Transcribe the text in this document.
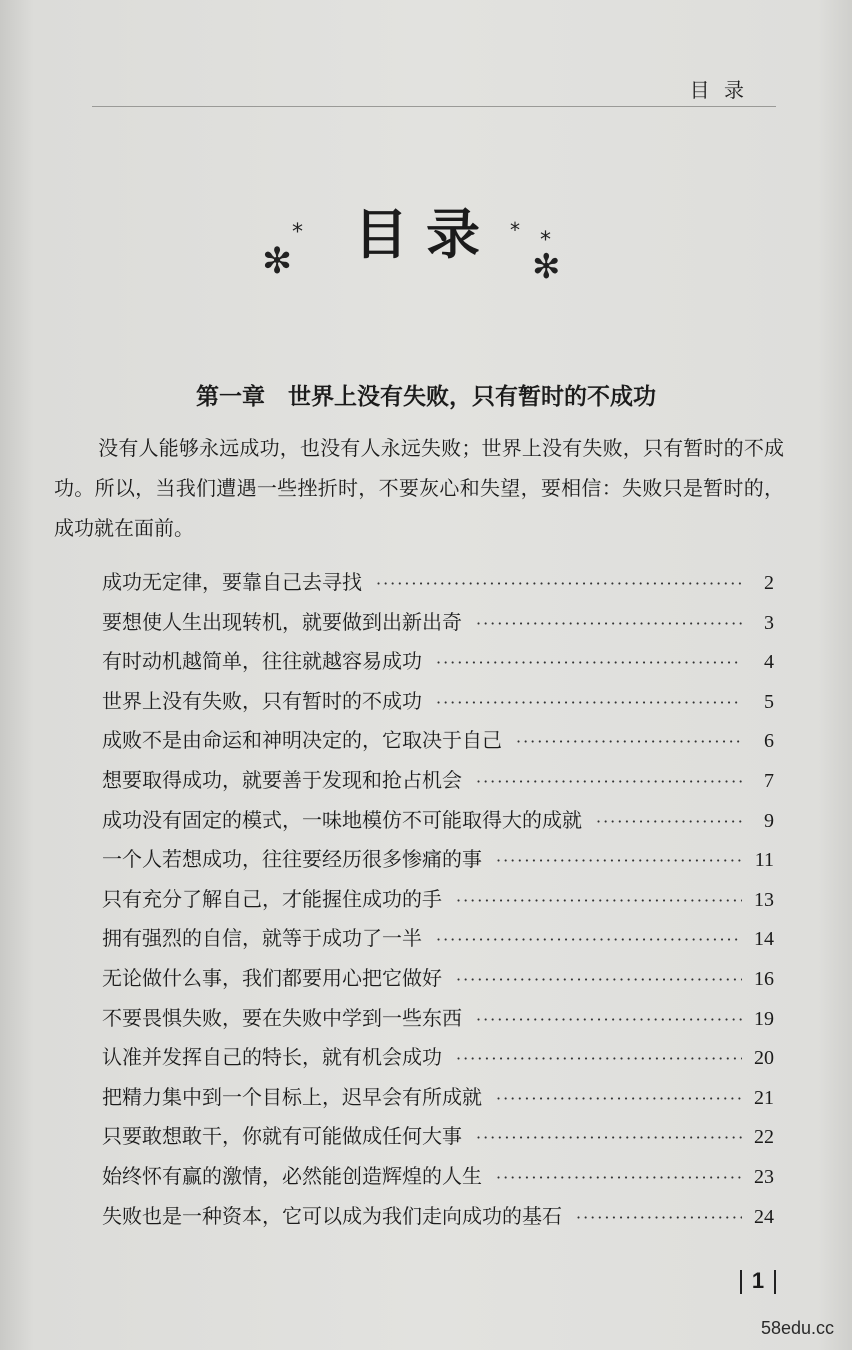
目 录
*
✻	目录 * *
✻
第一章　世界上没有失败，只有暂时的不成功
没有人能够永远成功，也没有人永远失败；世界上没有失败，只有暂时的不成功。所以，当我们遭遇一些挫折时，不要灰心和失望，要相信：失败只是暂时的，成功就在面前。
成功无定律，要靠自己去寻找 ·····	2
要想使人生出现转机，就要做到出新出奇 ·····	3
有时动机越简单，往往就越容易成功 ·····	4
世界上没有失败，只有暂时的不成功 ·····	5
成败不是由命运和神明决定的，它取决于自己 ·····	6
想要取得成功，就要善于发现和抢占机会 ·····	7
成功没有固定的模式，一味地模仿不可能取得大的成就 ·····	9
一个人若想成功，往往要经历很多惨痛的事 ·····	11
只有充分了解自己，才能握住成功的手 ·····	13
拥有强烈的自信，就等于成功了一半 ·····	14
无论做什么事，我们都要用心把它做好 ·····	16
不要畏惧失败，要在失败中学到一些东西 ·····	19
认准并发挥自己的特长，就有机会成功 ·····	20
把精力集中到一个目标上，迟早会有所成就 ·····	21
只要敢想敢干，你就有可能做成任何大事 ·····	22
始终怀有赢的激情，必然能创造辉煌的人生 ·····	23
失败也是一种资本，它可以成为我们走向成功的基石 ·····	24
1
58edu.cc
